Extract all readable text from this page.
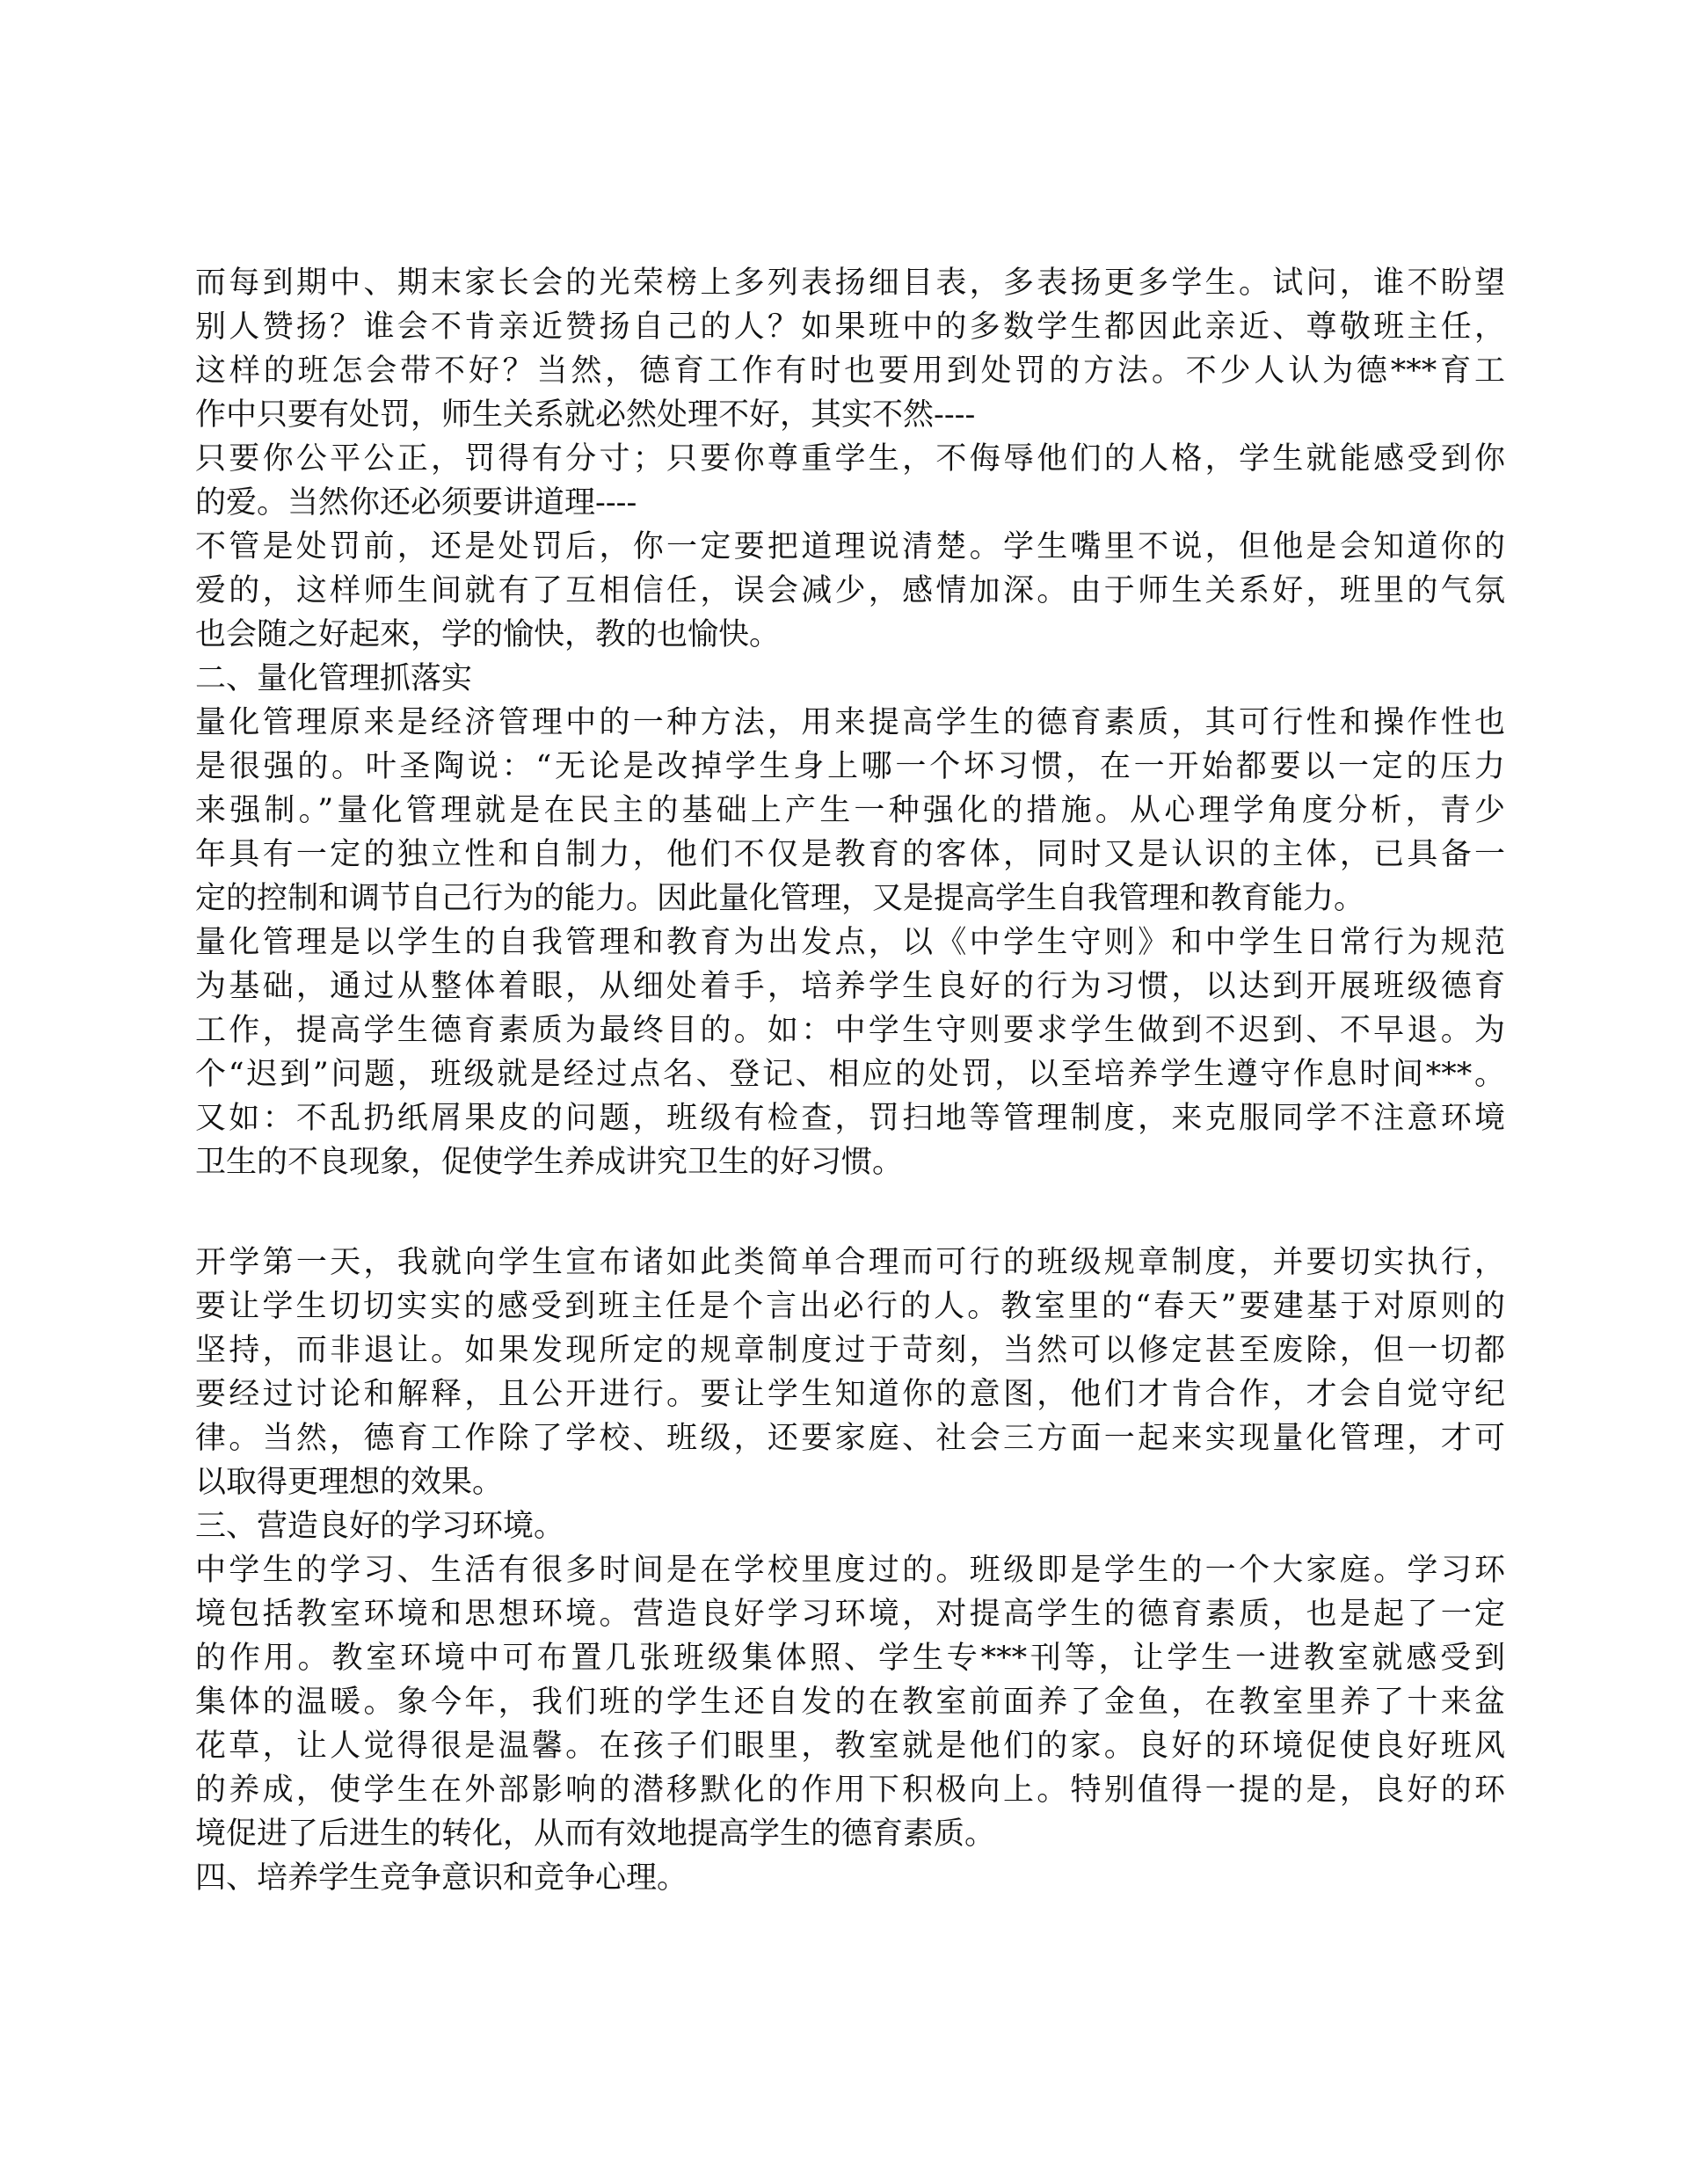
而每到期中、期末家长会的光荣榜上多列表扬细目表，多表扬更多学生。试问，谁不盼望
别人赞扬？谁会不肯亲近赞扬自己的人？如果班中的多数学生都因此亲近、尊敬班主任，
这样的班怎会带不好？当然，德育工作有时也要用到处罚的方法。不少人认为德***育工
作中只要有处罚，师生关系就必然处理不好，其实不然----
只要你公平公正，罚得有分寸；只要你尊重学生，不侮辱他们的人格，学生就能感受到你
的爱。当然你还必须要讲道理----
不管是处罚前，还是处罚后，你一定要把道理说清楚。学生嘴里不说，但他是会知道你的
爱的，这样师生间就有了互相信任，误会减少，感情加深。由于师生关系好，班里的气氛
也会随之好起來，学的愉快，教的也愉快。
二、量化管理抓落实
量化管理原来是经济管理中的一种方法，用来提高学生的德育素质，其可行性和操作性也
是很强的。叶圣陶说：“无论是改掉学生身上哪一个坏习惯，在一开始都要以一定的压力
来强制。”量化管理就是在民主的基础上产生一种强化的措施。从心理学角度分析，青少
年具有一定的独立性和自制力，他们不仅是教育的客体，同时又是认识的主体，已具备一
定的控制和调节自己行为的能力。因此量化管理，又是提高学生自我管理和教育能力。
量化管理是以学生的自我管理和教育为出发点，以《中学生守则》和中学生日常行为规范
为基础，通过从整体着眼，从细处着手，培养学生良好的行为习惯，以达到开展班级德育
工作，提高学生德育素质为最终目的。如：中学生守则要求学生做到不迟到、不早退。为
个“迟到”问题，班级就是经过点名、登记、相应的处罚，以至培养学生遵守作息时间***。
又如：不乱扔纸屑果皮的问题，班级有检查，罚扫地等管理制度，来克服同学不注意环境
卫生的不良现象，促使学生养成讲究卫生的好习惯。
开学第一天，我就向学生宣布诸如此类简单合理而可行的班级规章制度，并要切实执行，
要让学生切切实实的感受到班主任是个言出必行的人。教室里的“春天”要建基于对原则的
坚持，而非退让。如果发现所定的规章制度过于苛刻，当然可以修定甚至废除，但一切都
要经过讨论和解释，且公开进行。要让学生知道你的意图，他们才肯合作，才会自觉守纪
律。当然，德育工作除了学校、班级，还要家庭、社会三方面一起来实现量化管理，才可
以取得更理想的效果。
三、营造良好的学习环境。
中学生的学习、生活有很多时间是在学校里度过的。班级即是学生的一个大家庭。学习环
境包括教室环境和思想环境。营造良好学习环境，对提高学生的德育素质，也是起了一定
的作用。教室环境中可布置几张班级集体照、学生专***刊等，让学生一进教室就感受到
集体的温暖。象今年，我们班的学生还自发的在教室前面养了金鱼，在教室里养了十来盆
花草，让人觉得很是温馨。在孩子们眼里，教室就是他们的家。良好的环境促使良好班风
的养成，使学生在外部影响的潜移默化的作用下积极向上。特别值得一提的是，良好的环
境促进了后进生的转化，从而有效地提高学生的德育素质。
四、培养学生竞争意识和竞争心理。
